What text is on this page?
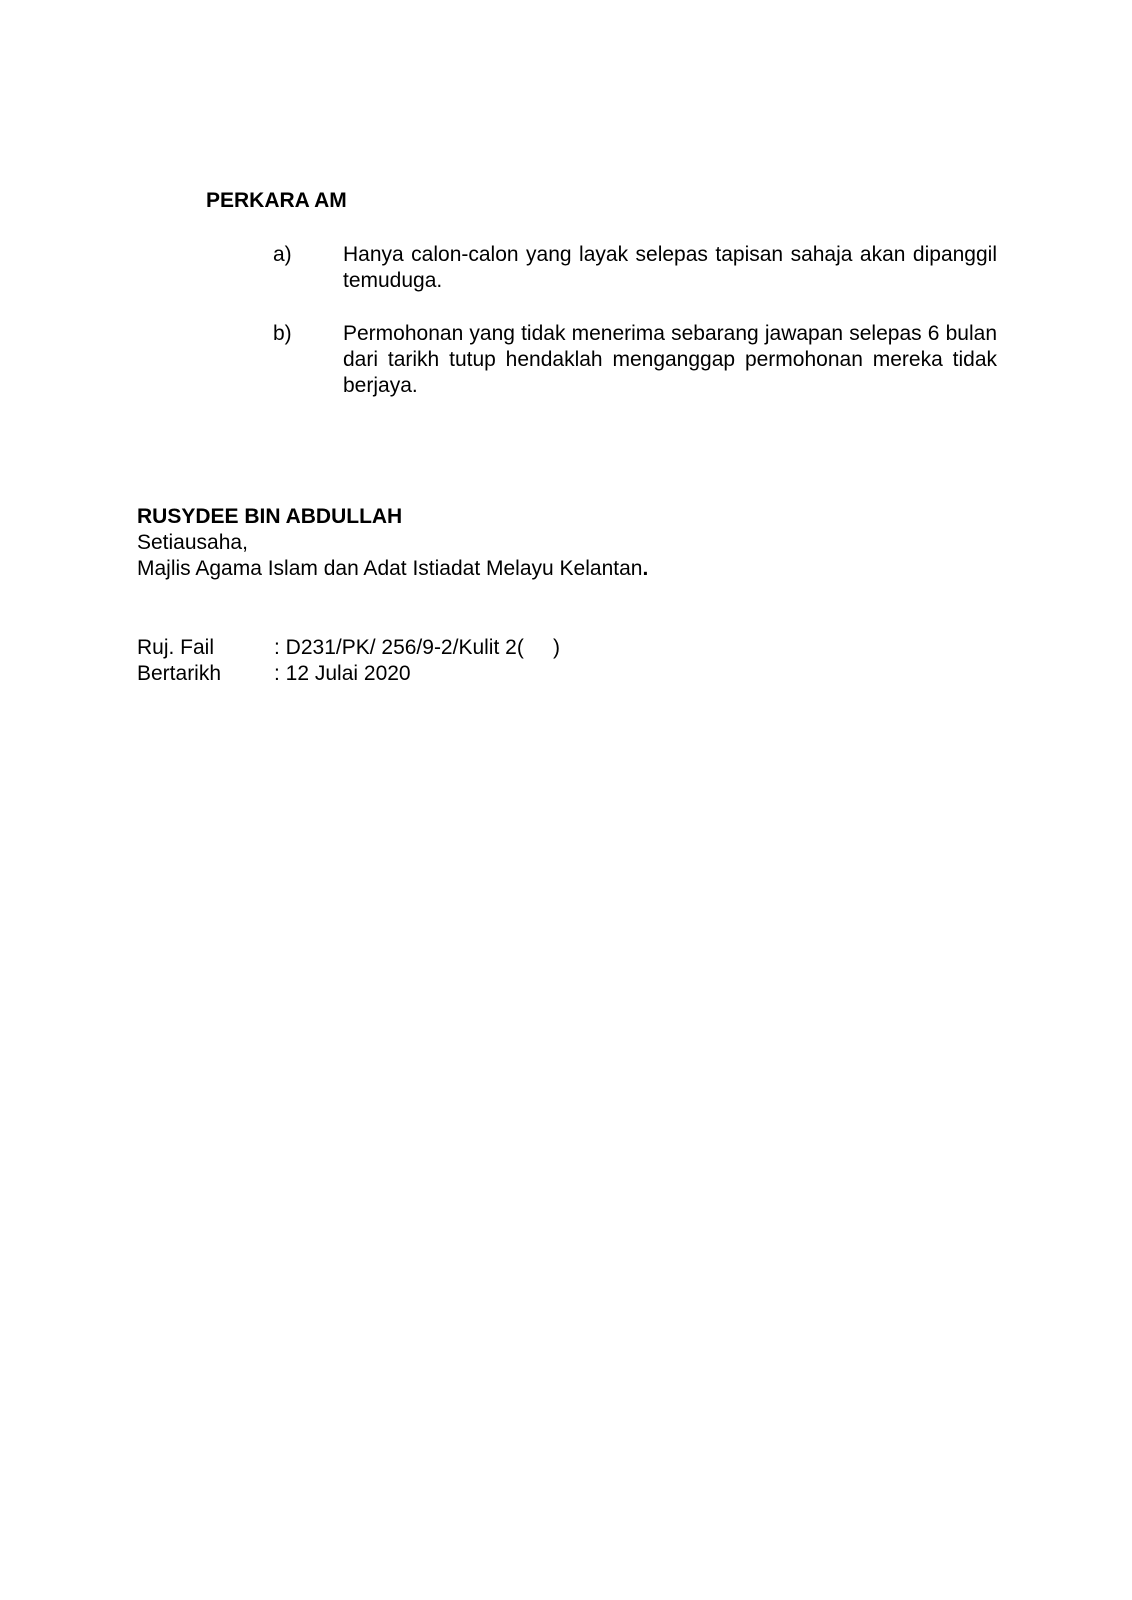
PERKARA AM
a)	Hanya calon-calon yang layak selepas tapisan sahaja akan dipanggil temuduga.
b)	Permohonan yang tidak menerima sebarang jawapan selepas 6 bulan dari tarikh tutup hendaklah menganggap permohonan mereka tidak berjaya.
RUSYDEE BIN ABDULLAH
Setiausaha,
Majlis Agama Islam dan Adat Istiadat Melayu Kelantan.
Ruj. Fail	: D231/PK/ 256/9-2/Kulit 2(     )
Bertarikh	: 12 Julai 2020
